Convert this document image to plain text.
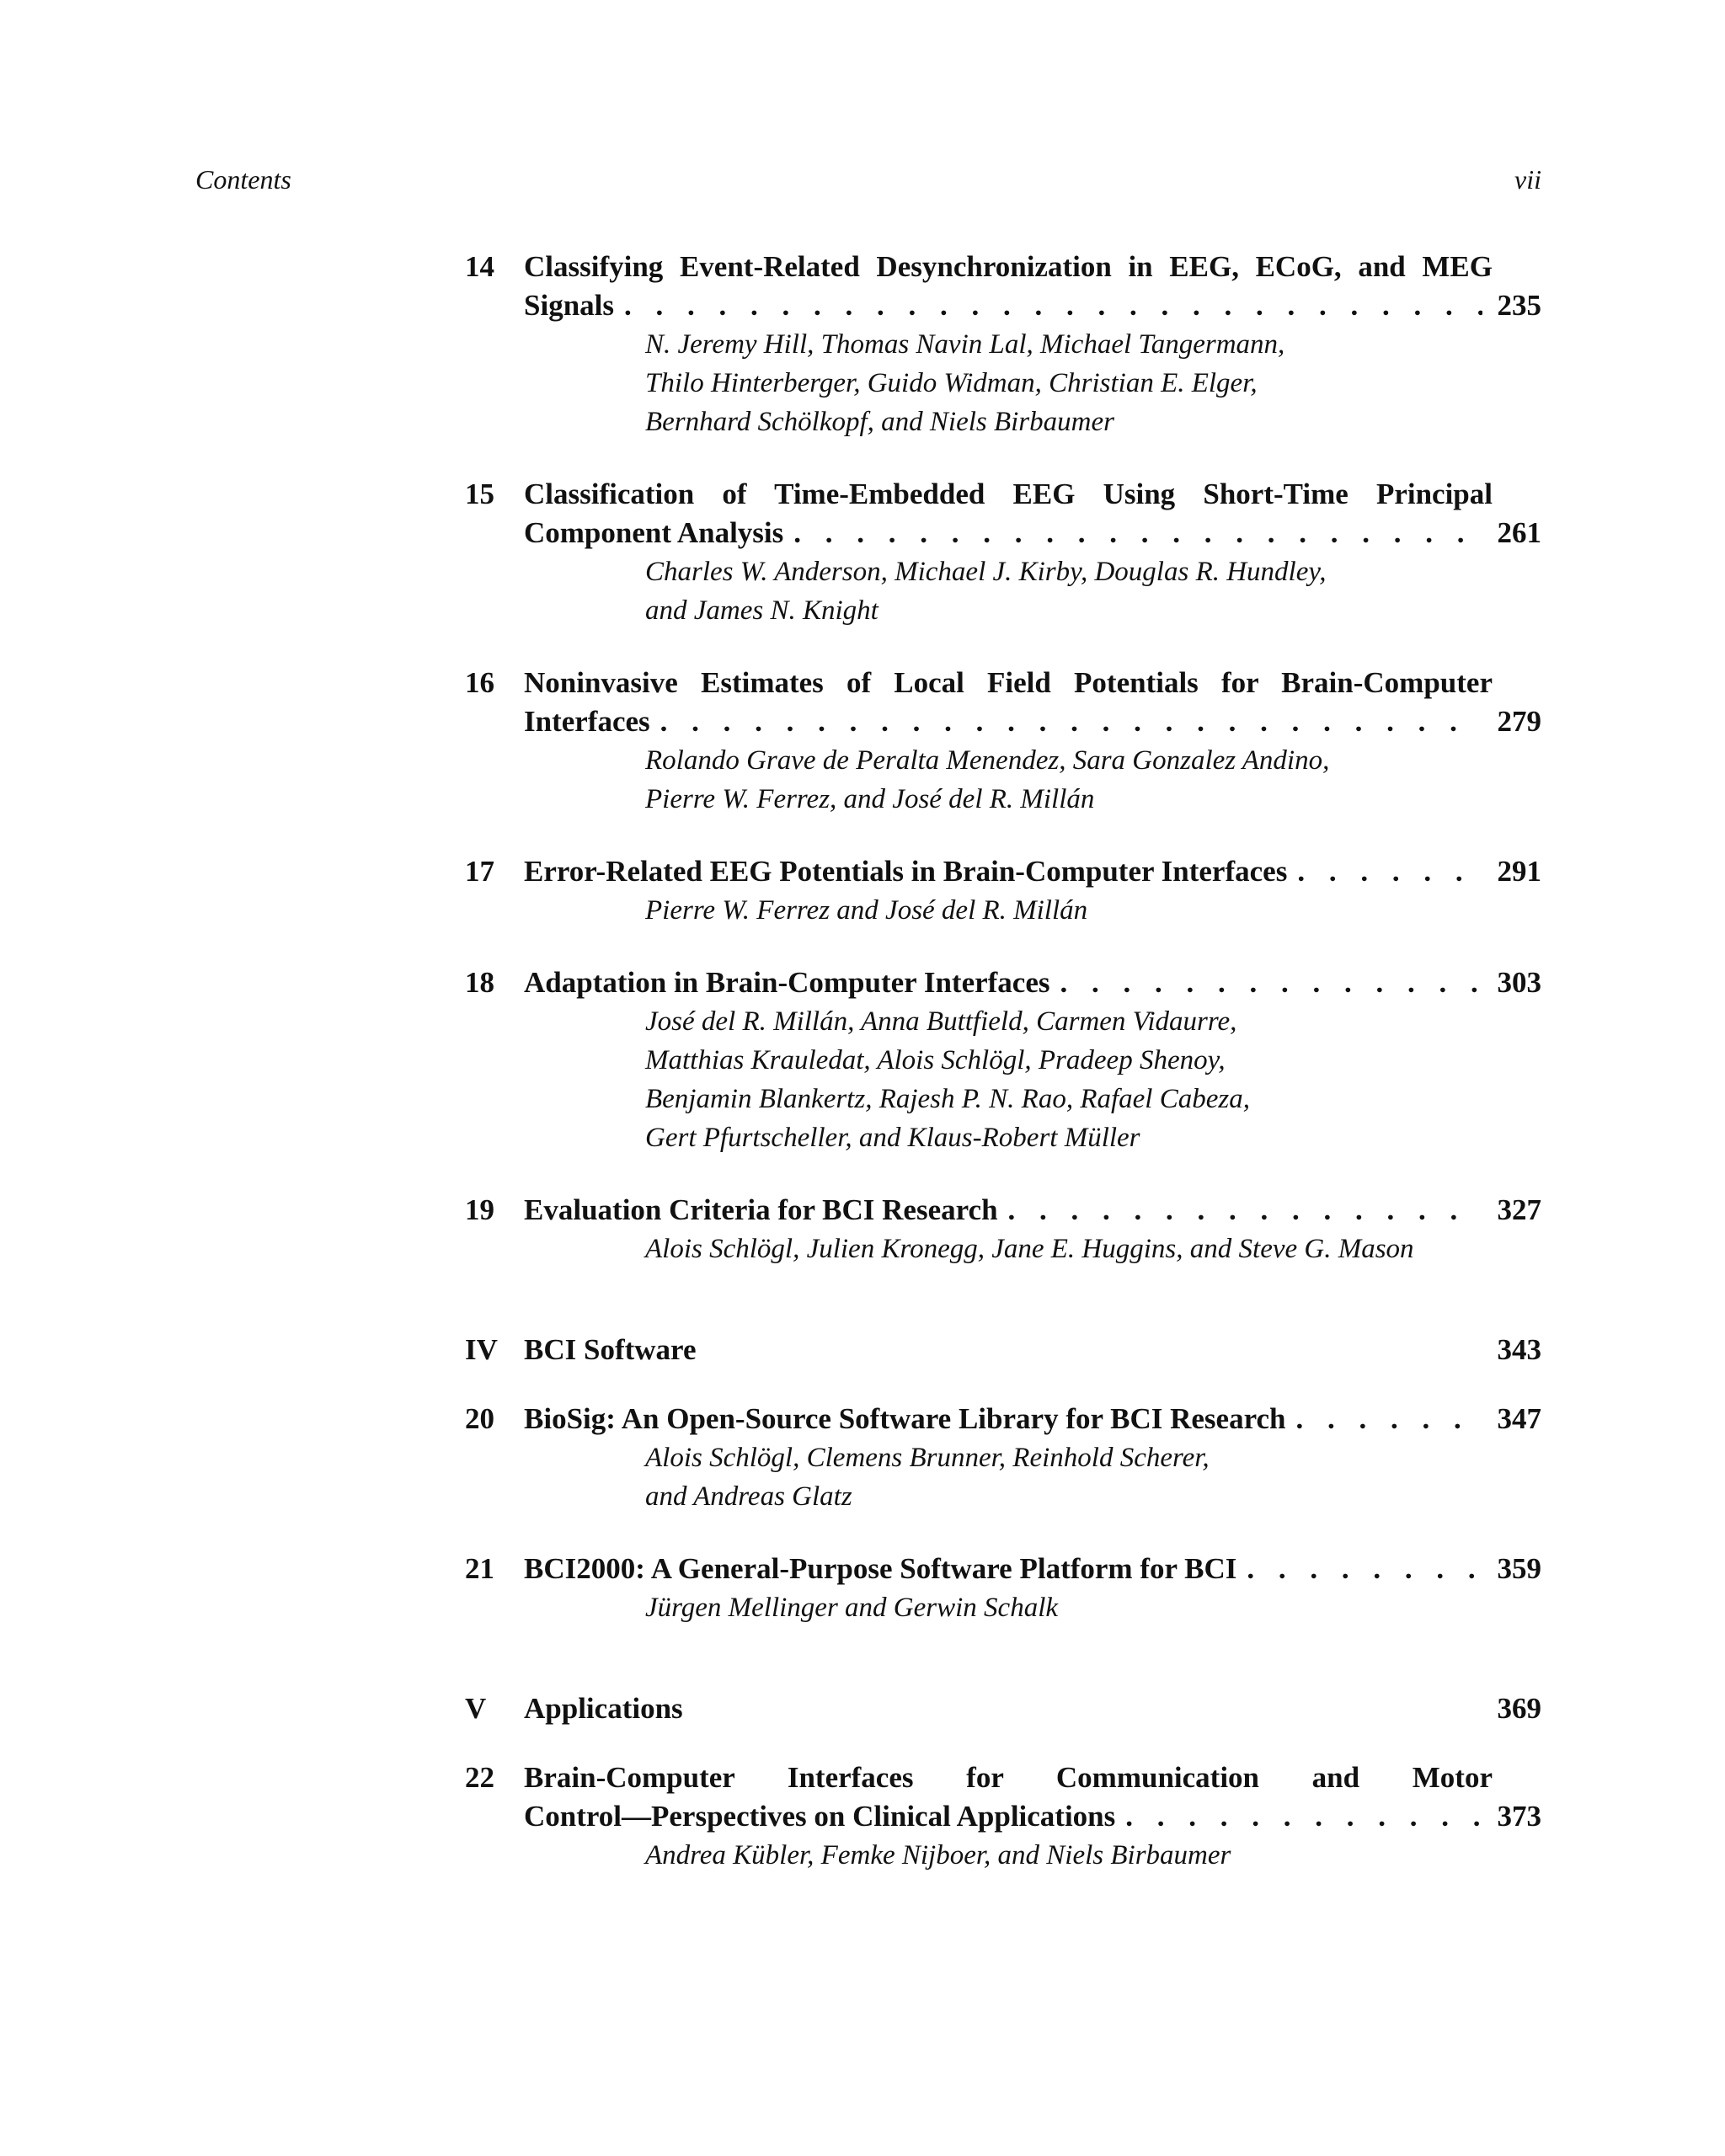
Contents	vii
14 Classifying Event-Related Desynchronization in EEG, ECoG, and MEG
Signals . . .	235
N. Jeremy Hill, Thomas Navin Lal, Michael Tangermann,
Thilo Hinterberger, Guido Widman, Christian E. Elger,
Bernhard Schölkopf, and Niels Birbaumer
15 Classification of Time-Embedded EEG Using Short-Time Principal
Component Analysis . . .	261
Charles W. Anderson, Michael J. Kirby, Douglas R. Hundley,
and James N. Knight
16 Noninvasive Estimates of Local Field Potentials for Brain-Computer
Interfaces . . .	279
Rolando Grave de Peralta Menendez, Sara Gonzalez Andino,
Pierre W. Ferrez, and José del R. Millán
17 Error-Related EEG Potentials in Brain-Computer Interfaces . . .	291
Pierre W. Ferrez and José del R. Millán
18 Adaptation in Brain-Computer Interfaces . . .	303
José del R. Millán, Anna Buttfield, Carmen Vidaurre,
Matthias Krauledat, Alois Schlögl, Pradeep Shenoy,
Benjamin Blankertz, Rajesh P. N. Rao, Rafael Cabeza,
Gert Pfurtscheller, and Klaus-Robert Müller
19 Evaluation Criteria for BCI Research . . .	327
Alois Schlögl, Julien Kronegg, Jane E. Huggins, and Steve G. Mason
IV BCI Software	343
20 BioSig: An Open-Source Software Library for BCI Research . . .	347
Alois Schlögl, Clemens Brunner, Reinhold Scherer,
and Andreas Glatz
21 BCI2000: A General-Purpose Software Platform for BCI . . .	359
Jürgen Mellinger and Gerwin Schalk
V	Applications	369
22 Brain-Computer Interfaces for Communication and Motor
Control—Perspectives on Clinical Applications . . .	373
Andrea Kübler, Femke Nijboer, and Niels Birbaumer
